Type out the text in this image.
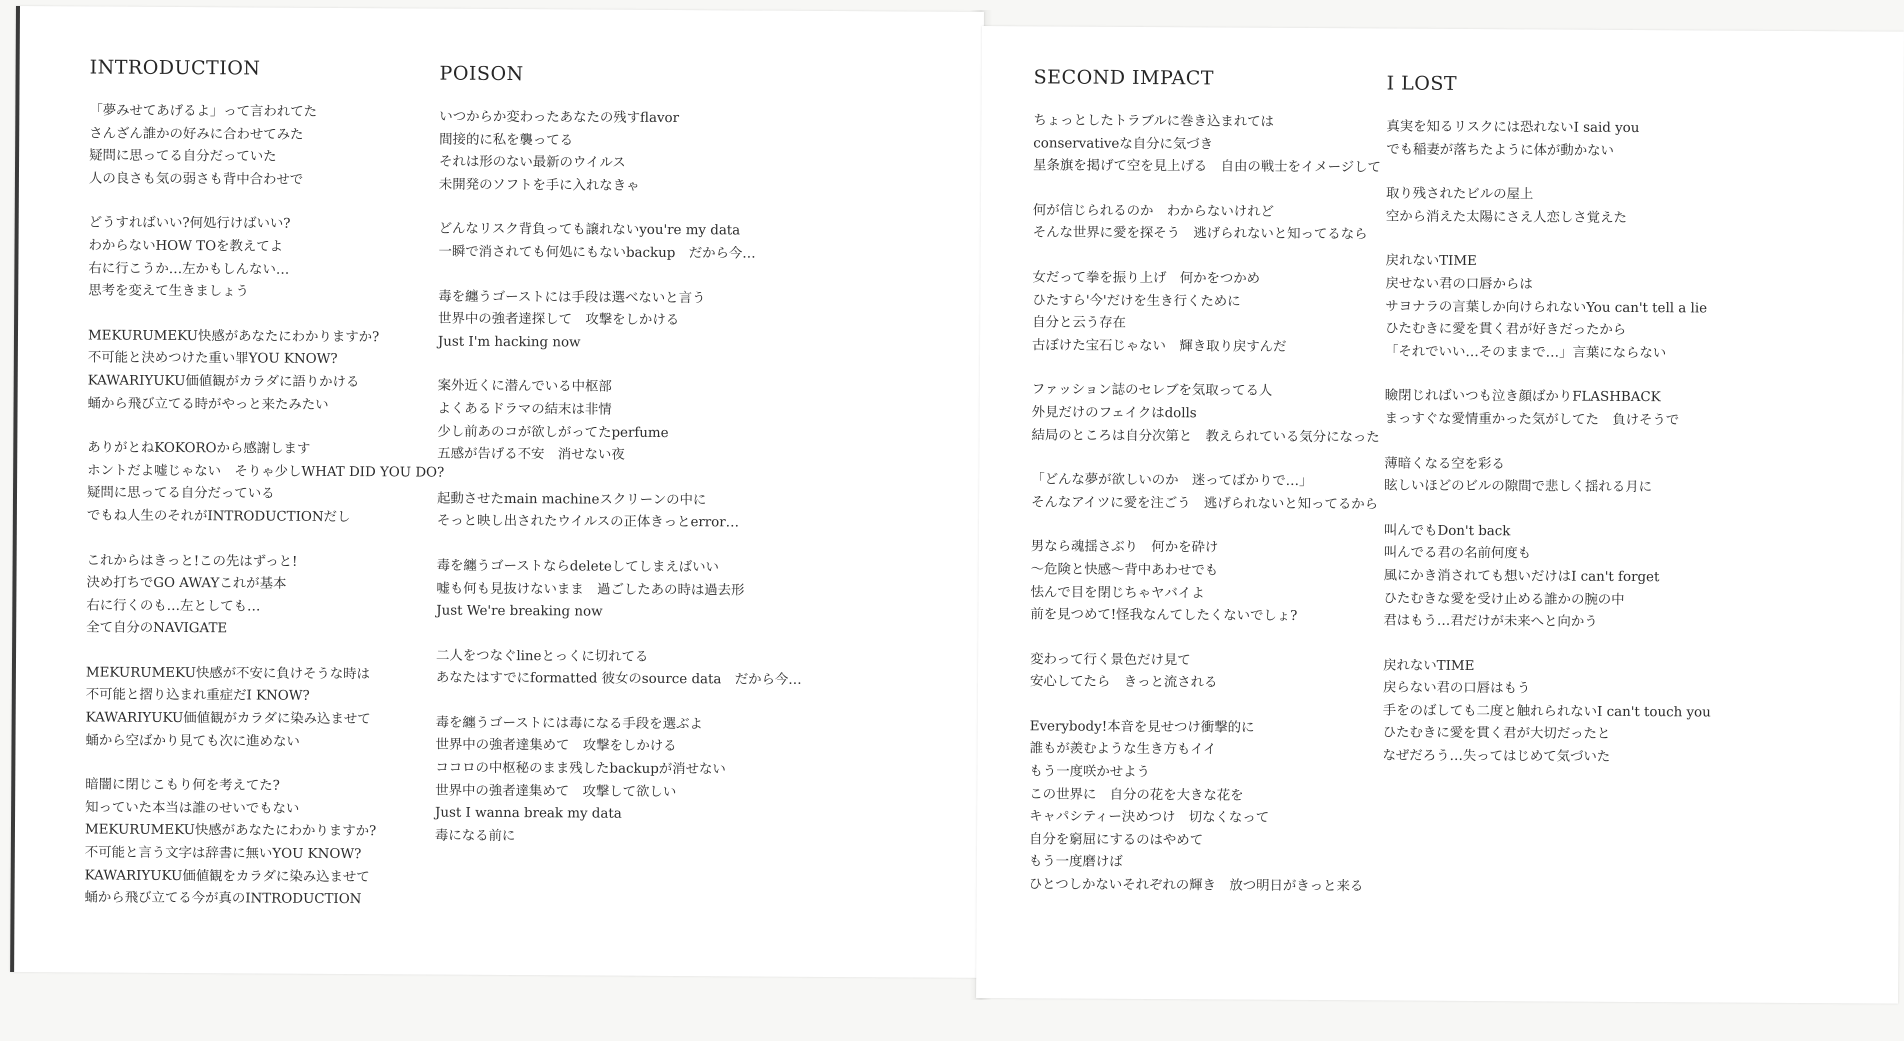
INTRODUCTION
「夢みせてあげるよ」って言われてた
さんざん誰かの好みに合わせてみた
疑問に思ってる自分だっていた
人の良さも気の弱さも背中合わせで
どうすればいい?何処行けばいい?
わからないHOW TOを教えてよ
右に行こうか…左かもしんない…
思考を変えて生きましょう
MEKURUMEKU快感があなたにわかりますか?
不可能と決めつけた重い罪YOU KNOW?
KAWARIYUKU価値観がカラダに語りかける
蛹から飛び立てる時がやっと来たみたい
ありがとねKOKOROから感謝します
ホントだよ嘘じゃない　そりゃ少しWHAT DID YOU DO?
疑問に思ってる自分だっている
でもね人生のそれがINTRODUCTIONだし
これからはきっと!この先はずっと!
決め打ちでGO AWAYこれが基本
右に行くのも…左としても…
全て自分のNAVIGATE
MEKURUMEKU快感が不安に負けそうな時は
不可能と摺り込まれ重症だI KNOW?
KAWARIYUKU価値観がカラダに染み込ませて
蛹から空ばかり見ても次に進めない
暗闇に閉じこもり何を考えてた?
知っていた本当は誰のせいでもない
MEKURUMEKU快感があなたにわかりますか?
不可能と言う文字は辞書に無いYOU KNOW?
KAWARIYUKU価値観をカラダに染み込ませて
蛹から飛び立てる今が真のINTRODUCTION
POISON
いつからか変わったあなたの残すflavor
間接的に私を襲ってる
それは形のない最新のウイルス
未開発のソフトを手に入れなきゃ
どんなリスク背負っても譲れないyou're my data
一瞬で消されても何処にもないbackup　だから今…
毒を纏うゴーストには手段は選べないと言う
世界中の強者達探して　攻撃をしかける
Just I'm hacking now
案外近くに潜んでいる中枢部
よくあるドラマの結末は非情
少し前あのコが欲しがってたperfume
五感が告げる不安　消せない夜
起動させたmain machineスクリーンの中に
そっと映し出されたウイルスの正体きっとerror…
毒を纏うゴーストならdeleteしてしまえばいい
嘘も何も見抜けないまま　過ごしたあの時は過去形
Just We're breaking now
二人をつなぐlineとっくに切れてる
あなたはすでにformatted 彼女のsource data　だから今…
毒を纏うゴーストには毒になる手段を選ぶよ
世界中の強者達集めて　攻撃をしかける
ココロの中枢秘のまま残したbackupが消せない
世界中の強者達集めて　攻撃して欲しい
Just I wanna break my data
毒になる前に
SECOND IMPACT
ちょっとしたトラブルに巻き込まれては
conservativeな自分に気づき
星条旗を掲げて空を見上げる　自由の戦士をイメージして
何が信じられるのか　わからないけれど
そんな世界に愛を探そう　逃げられないと知ってるなら
女だって拳を振り上げ　何かをつかめ
ひたすら'今'だけを生き行くために
自分と云う存在
古ぼけた宝石じゃない　輝き取り戻すんだ
ファッション誌のセレブを気取ってる人
外見だけのフェイクはdolls
結局のところは自分次第と　教えられている気分になった
「どんな夢が欲しいのか　迷ってばかりで…」
そんなアイツに愛を注ごう　逃げられないと知ってるから
男なら魂揺さぶり　何かを砕け
～危険と快感～背中あわせでも
怯んで目を閉じちゃヤバイよ
前を見つめて!怪我なんてしたくないでしょ?
変わって行く景色だけ見て
安心してたら　きっと流される
Everybody!本音を見せつけ衝撃的に
誰もが羨むような生き方もイイ
もう一度咲かせよう
この世界に　自分の花を大きな花を
キャパシティー決めつけ　切なくなって
自分を窮屈にするのはやめて
もう一度磨けば
ひとつしかないそれぞれの輝き　放つ明日がきっと来る
I LOST
真実を知るリスクには恐れないI said you
でも稲妻が落ちたように体が動かない
取り残されたビルの屋上
空から消えた太陽にさえ人恋しさ覚えた
戻れないTIME
戻せない君の口唇からは
サヨナラの言葉しか向けられないYou can't tell a lie
ひたむきに愛を貫く君が好きだったから
「それでいい…そのままで…」言葉にならない
瞼閉じればいつも泣き顔ばかりFLASHBACK
まっすぐな愛情重かった気がしてた　負けそうで
薄暗くなる空を彩る
眩しいほどのビルの隙間で悲しく揺れる月に
叫んでもDon't back
叫んでる君の名前何度も
風にかき消されても想いだけはI can't forget
ひたむきな愛を受け止める誰かの腕の中
君はもう…君だけが未来へと向かう
戻れないTIME
戻らない君の口唇はもう
手をのばしても二度と触れられないI can't touch you
ひたむきに愛を貫く君が大切だったと
なぜだろう…失ってはじめて気づいた
